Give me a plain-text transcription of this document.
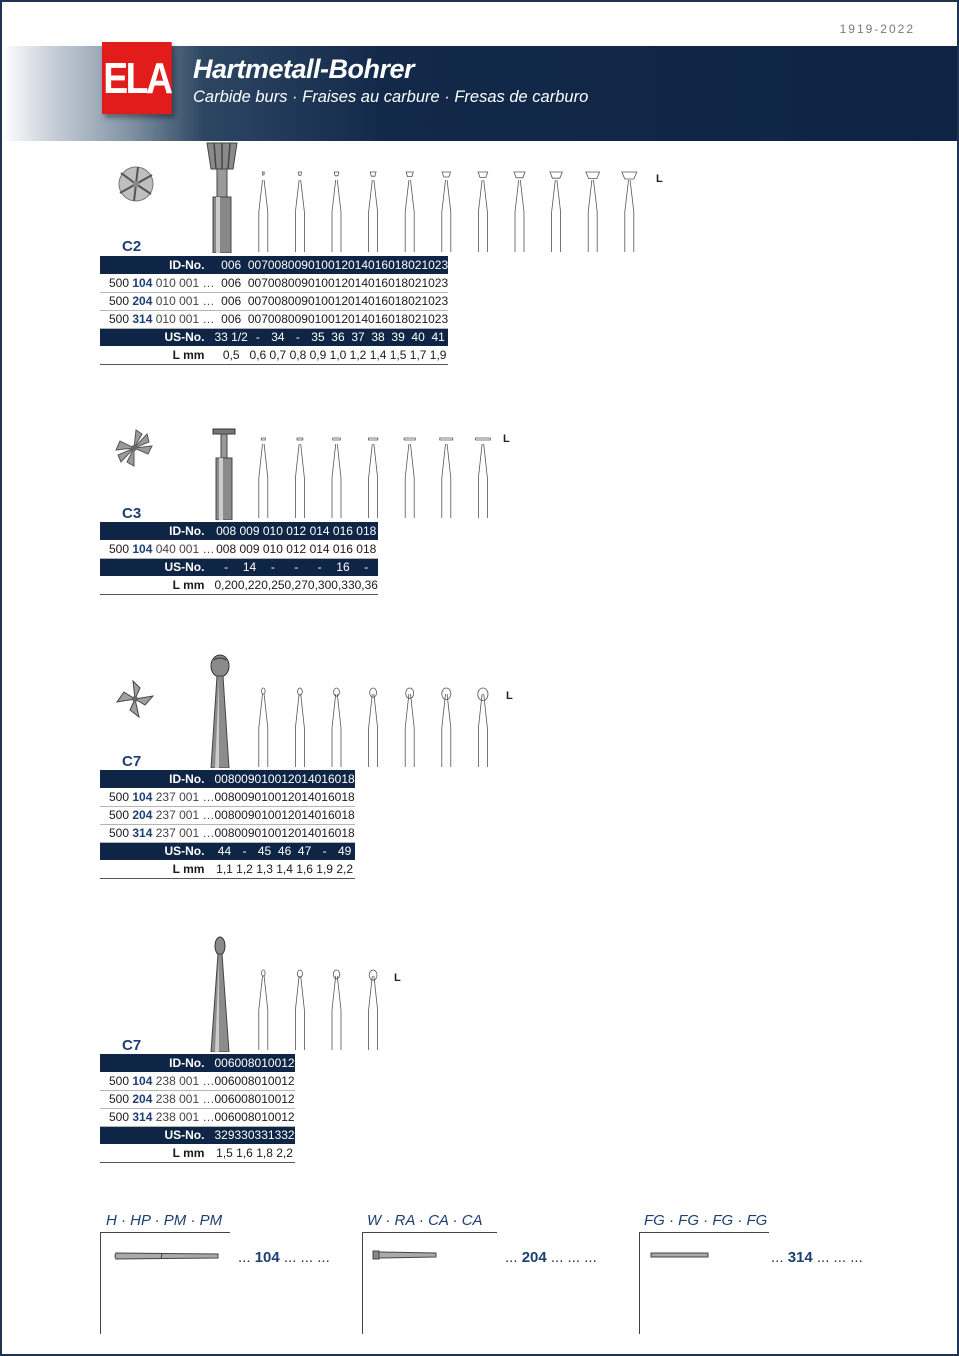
1919-2022
ELA Hartmetall-Bohrer
Carbide burs · Fraises au carbure · Fresas de carburo
C2
L
ID-No.	006	007	008	009	010	012	014	016	018	021	023
500 104 010 001 …	006	007	008	009	010	012	014	016	018	021	023
500 204 010 001 …	006	007	008	009	010	012	014	016	018	021	023
500 314 010 001 …	006	007	008	009	010	012	014	016	018	021	023
US-No.	33 1/2	-	34	-	35	36	37	38	39	40	41
L mm	0,5	0,6	0,7	0,8	0,9	1,0	1,2	1,4	1,5	1,7	1,9
C3
L
ID-No.	008	009	010	012	014	016	018
500 104 040 001 …	008	009	010	012	014	016	018
US-No.	-	14	-	-	-	16	-
L mm	0,20	0,22	0,25	0,27	0,30	0,33	0,36
C7
L
ID-No.	008	009	010	012	014	016	018
500 104 237 001 …	008	009	010	012	014	016	018
500 204 237 001 …	008	009	010	012	014	016	018
500 314 237 001 …	008	009	010	012	014	016	018
US-No.	44	-	45	46	47	-	49
L mm	1,1	1,2	1,3	1,4	1,6	1,9	2,2
C7
L
ID-No.	006	008	010	012
500 104 238 001 …	006	008	010	012
500 204 238 001 …	006	008	010	012
500 314 238 001 …	006	008	010	012
US-No.	329	330	331	332
L mm	1,5	1,6	1,8	2,2
H · HP · PM · PM
... 104 ... ... ...
W · RA · CA · CA
... 204 ... ... ...
FG · FG · FG · FG
... 314 ... ... ...
